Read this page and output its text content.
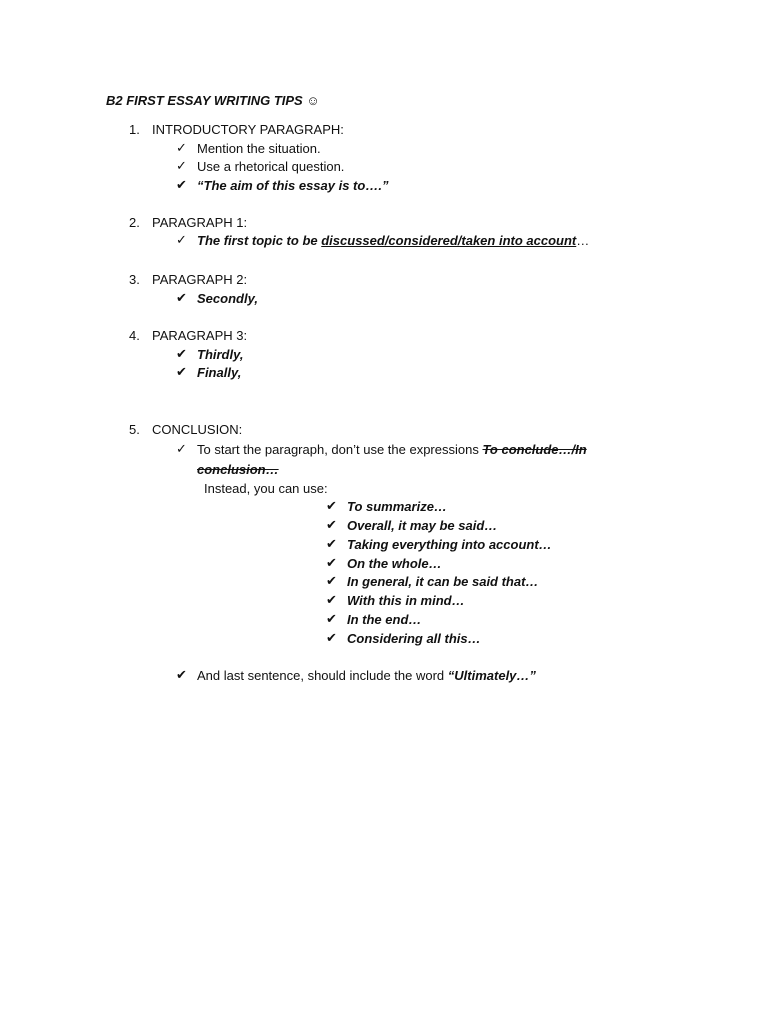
B2 FIRST ESSAY WRITING TIPS ☺
1. INTRODUCTORY PARAGRAPH:
✓ Mention the situation.
✓ Use a rhetorical question.
✔ “The aim of this essay is to….”
2. PARAGRAPH 1:
✓ The first topic to be discussed/considered/taken into account…
3. PARAGRAPH 2:
✔ Secondly,
4. PARAGRAPH 3:
✔ Thirdly,
✔ Finally,
5. CONCLUSION:
✓ To start the paragraph, don’t use the expressions To conclude…/In
conclusion…
Instead, you can use:
✔ To summarize…
✔ Overall, it may be said…
✔ Taking everything into account…
✔ On the whole…
✔ In general, it can be said that…
✔ With this in mind…
✔ In the end…
✔ Considering all this…
✔ And last sentence, should include the word “Ultimately…”
